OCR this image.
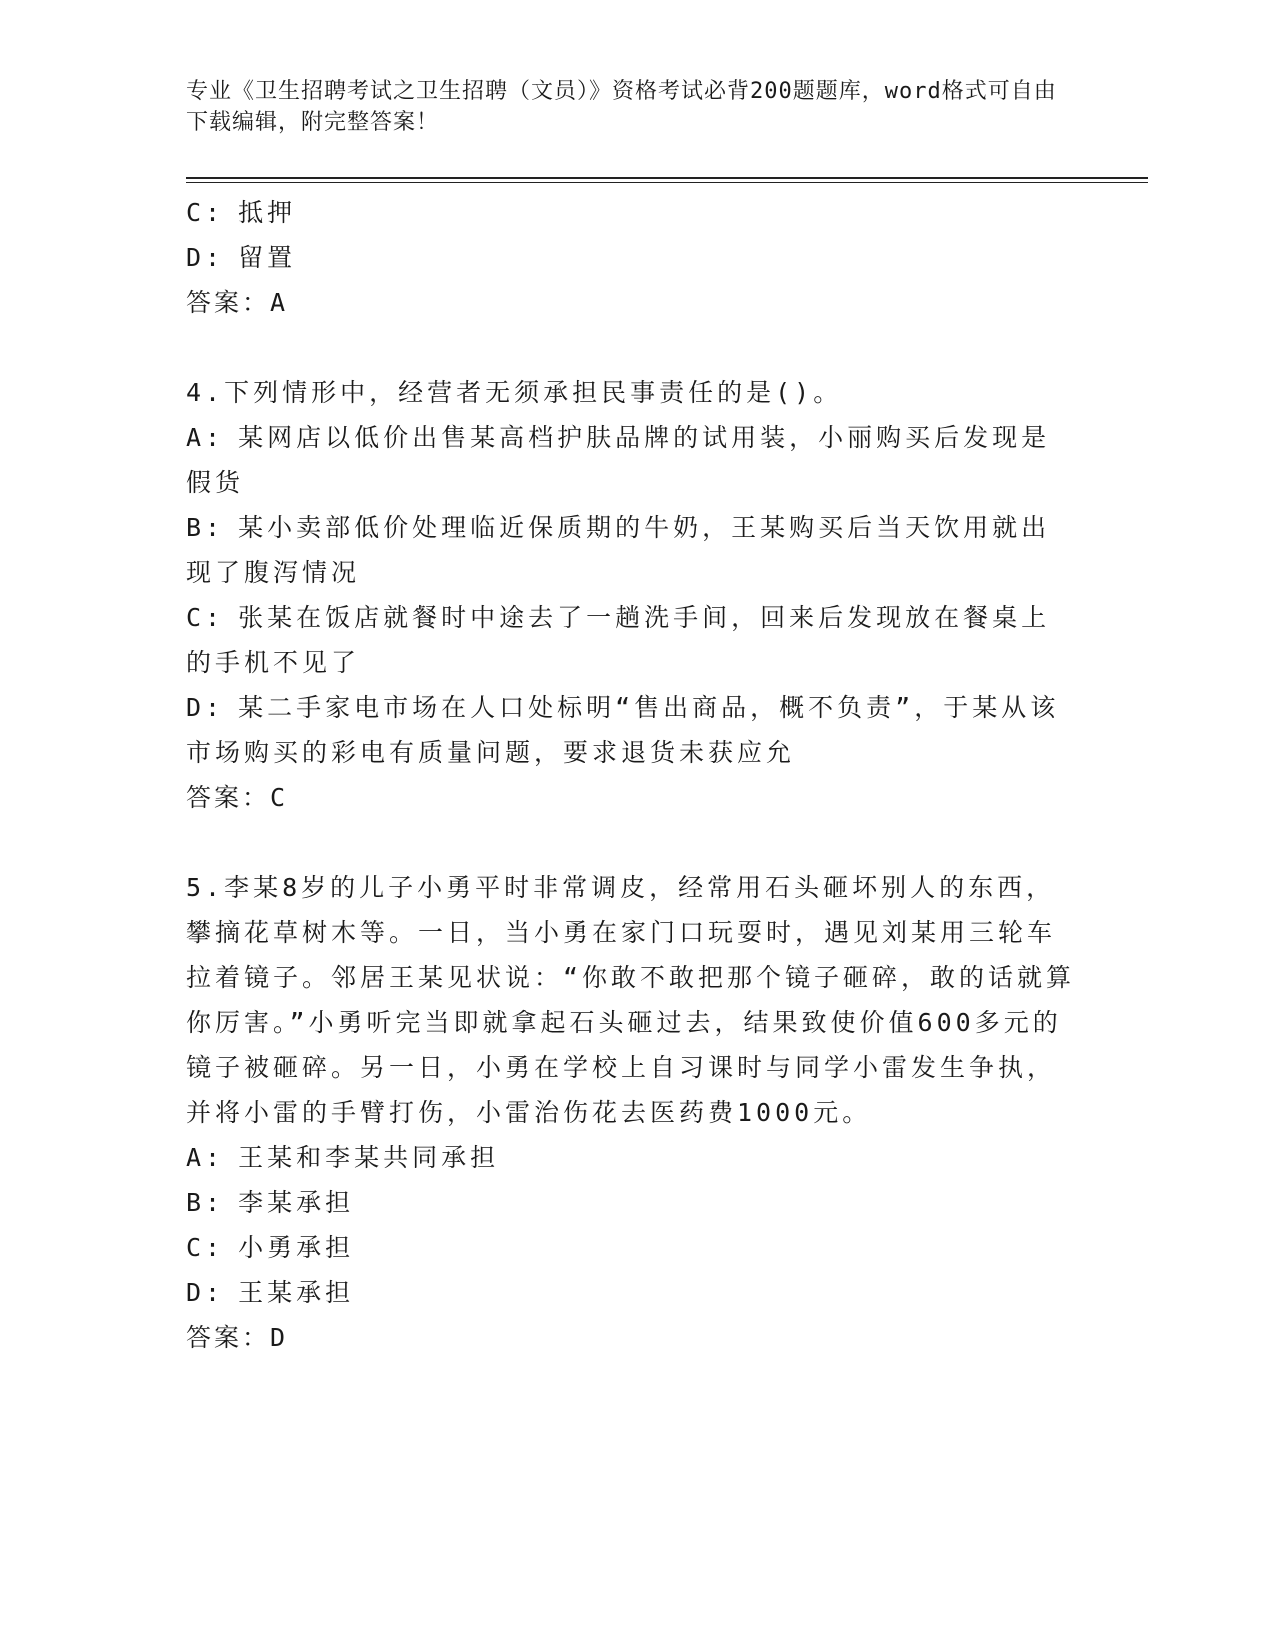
专业《卫生招聘考试之卫生招聘（文员）》资格考试必背200题题库，word格式可自由下载编辑，附完整答案！
C: 抵押
D: 留置
答案：A
4.下列情形中，经营者无须承担民事责任的是()。
A: 某网店以低价出售某高档护肤品牌的试用装，小丽购买后发现是假货
B: 某小卖部低价处理临近保质期的牛奶，王某购买后当天饮用就出现了腹泻情况
C: 张某在饭店就餐时中途去了一趟洗手间，回来后发现放在餐桌上的手机不见了
D: 某二手家电市场在人口处标明“售出商品，概不负责”，于某从该市场购买的彩电有质量问题，要求退货未获应允
答案：C
5.李某8岁的儿子小勇平时非常调皮，经常用石头砸坏别人的东西，攀摘花草树木等。一日，当小勇在家门口玩耍时，遇见刘某用三轮车拉着镜子。邻居王某见状说：“你敢不敢把那个镜子砸碎，敢的话就算你厉害。”小勇听完当即就拿起石头砸过去，结果致使价值600多元的镜子被砸碎。另一日，小勇在学校上自习课时与同学小雷发生争执，并将小雷的手臂打伤，小雷治伤花去医药费1000元。
A: 王某和李某共同承担
B: 李某承担
C: 小勇承担
D: 王某承担
答案：D
